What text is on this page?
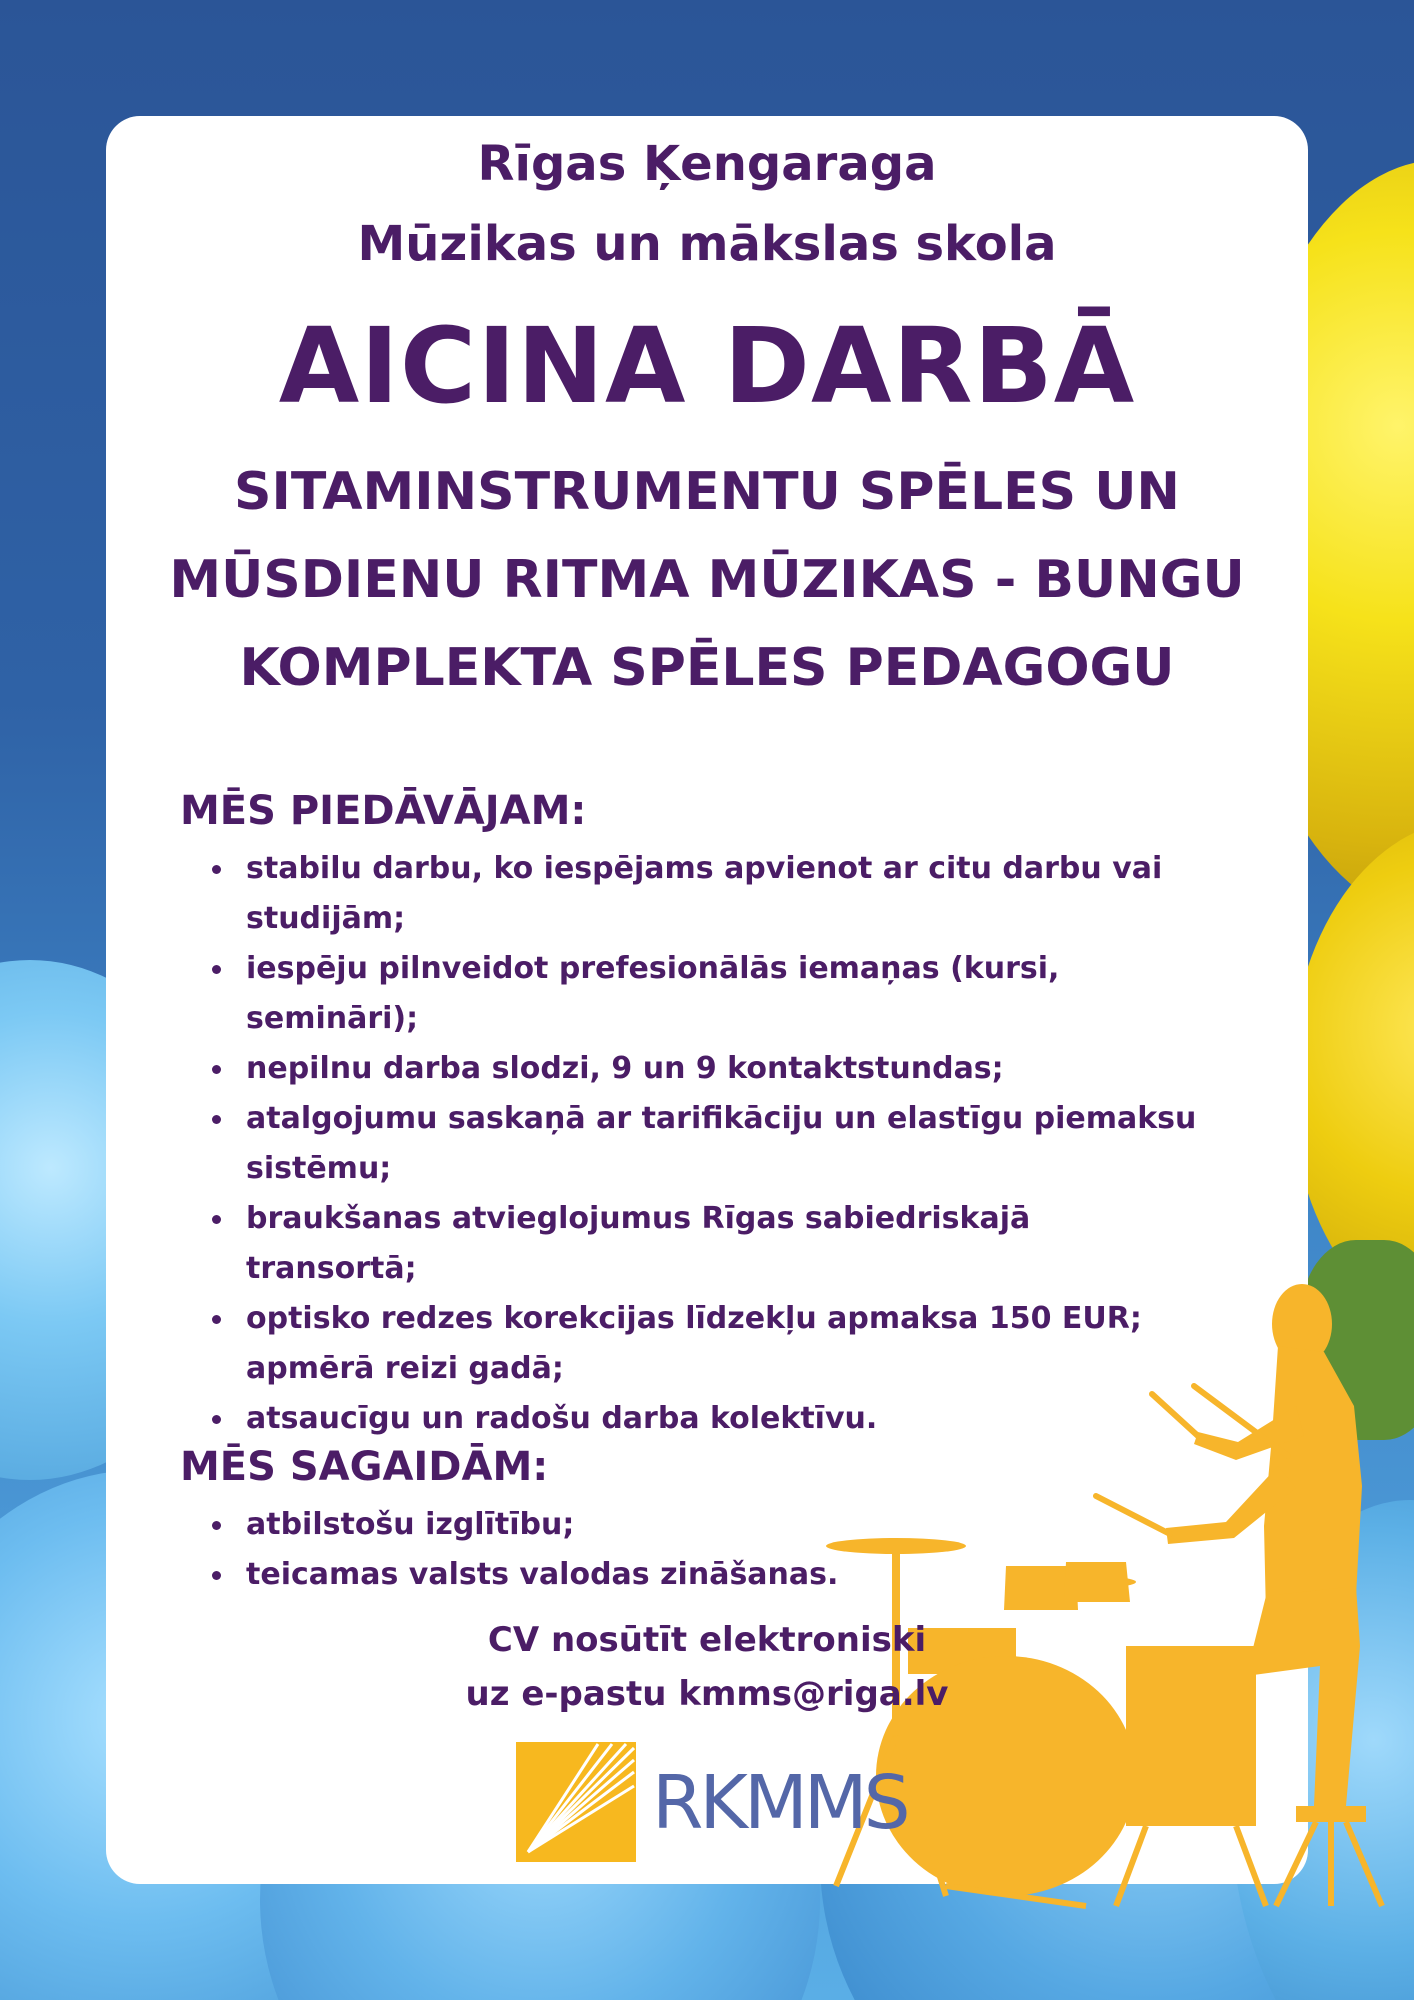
Rīgas Ķengaraga

Mūzikas un mākslas skola

AICINA DARBĀ
SITAMINSTRUMENTU SPĒLES UN
MŪSDIENU RITMA MŪZIKAS - BUNGU
KOMPLEKTA SPĒLES PEDAGOGU
MĒS PIEDĀVĀJAM:
stabilu darbu, ko iespējams apvienot ar citu darbu vai studijām;
iespēju pilnveidot prefesionālās iemaņas (kursi, semināri);
nepilnu darba slodzi, 9 un 9 kontaktstundas;
atalgojumu saskaņā ar tarifikāciju un elastīgu piemaksu sistēmu;
braukšanas atvieglojumus Rīgas sabiedriskajā transortā;
optisko redzes korekcijas līdzekļu apmaksa 150 EUR; apmērā reizi gadā;
atsaucīgu un radošu darba kolektīvu.
MĒS SAGAIDĀM:
atbilstošu izglītību;
teicamas valsts valodas zināšanas.

CV nosūtīt elektroniski

uz e-pastu kmms@riga.lv

RKMMS
